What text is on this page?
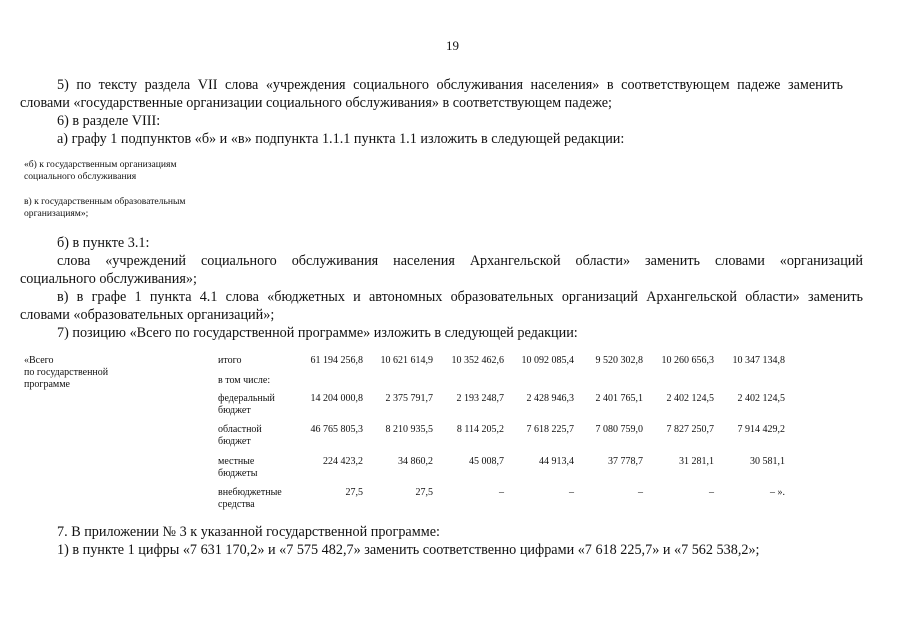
19
5) по тексту раздела VII слова «учреждения социального обслуживания населения» в соответствующем падеже заменить
словами «государственные организации социального обслуживания» в соответствующем падеже;
6) в разделе VIII:
а) графу 1 подпунктов «б» и «в» подпункта 1.1.1 пункта 1.1 изложить в следующей редакции:
«б) к государственным организациям
социального обслуживания
в) к государственным образовательным
организациям»;
б) в пункте 3.1:
слова «учреждений социального обслуживания населения Архангельской области» заменить словами «организаций
социального обслуживания»;
в) в графе 1 пункта 4.1 слова «бюджетных и автономных образовательных организаций Архангельской области» заменить
словами «образовательных организаций»;
7) позицию «Всего по государственной программе» изложить в следующей редакции:
«Всего
по государственной
программе
итого	61 194 256,8	10 621 614,9	10 352 462,6	10 092 085,4	9 520 302,8	10 260 656,3	10 347 134,8
в том числе:
федеральный
бюджет
14 204 000,8	2 375 791,7	2 193 248,7	2 428 946,3	2 401 765,1	2 402 124,5	2 402 124,5
областной
бюджет
46 765 805,3	8 210 935,5	8 114 205,2	7 618 225,7	7 080 759,0	7 827 250,7	7 914 429,2
местные
бюджеты
224 423,2	34 860,2	45 008,7	44 913,4	37 778,7	31 281,1	30 581,1
внебюджетные
средства
27,5	27,5	–	–	–	–	– ».
7. В приложении № 3 к указанной государственной программе:
1) в пункте 1 цифры «7 631 170,2» и «7 575 482,7» заменить соответственно цифрами «7 618 225,7» и «7 562 538,2»;
